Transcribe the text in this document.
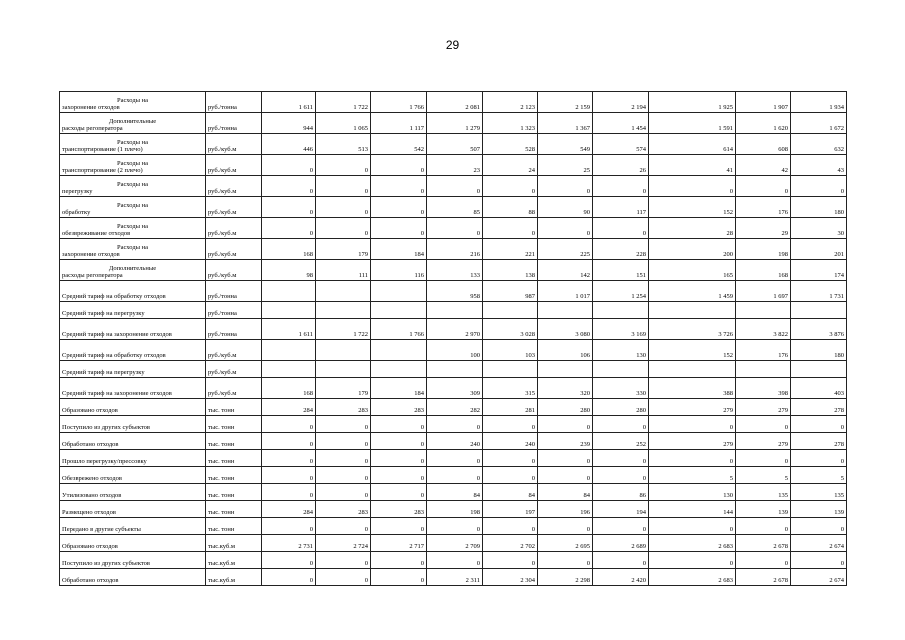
29
Расходы на
захоронение отходов	руб./тонна	1 611	1 722	1 766	2 081	2 123	2 159	2 194	1 925	1 907	1 934

Дополнительные
расходы регоператора	руб./тонна	944	1 065	1 117	1 279	1 323	1 367	1 454	1 591	1 620	1 672

Расходы на
транспортирование (1 плечо)	руб./куб.м	446	513	542	507	528	549	574	614	608	632

Расходы на
транспортирование (2 плечо)	руб./куб.м	0	0	0	23	24	25	26	41	42	43

Расходы на
перегрузку	руб./куб.м	0	0	0	0	0	0	0	0	0	0

Расходы на
обработку	руб./куб.м	0	0	0	85	88	90	117	152	176	180

Расходы на
обезвреживание отходов	руб./куб.м	0	0	0	0	0	0	0	28	29	30

Расходы на
захоронение отходов	руб./куб.м	168	179	184	216	221	225	228	200	198	201

Дополнительные
расходы регоператора	руб./куб.м	98	111	116	133	138	142	151	165	168	174

Средний тариф на обработку отходов	руб./тонна				958	987	1 017	1 254	1 459	1 697	1 731

Средний тариф на перегрузку	руб./тонна										

Средний тариф на захоронение отходов	руб./тонна	1 611	1 722	1 766	2 970	3 028	3 080	3 169	3 726	3 822	3 876

Средний тариф на обработку отходов	руб./куб.м				100	103	106	130	152	176	180

Средний тариф на перегрузку	руб./куб.м										

Средний тариф на захоронение отходов	руб./куб.м	168	179	184	309	315	320	330	388	398	403

Образовано отходов	тыс. тонн	284	283	283	282	281	280	280	279	279	278

Поступило из других субъектов	тыс. тонн	0	0	0	0	0	0	0	0	0	0

Обработано отходов	тыс. тонн	0	0	0	240	240	239	252	279	279	278

Прошло перегрузку/прессовку	тыс. тонн	0	0	0	0	0	0	0	0	0	0

Обезврежено отходов	тыс. тонн	0	0	0	0	0	0	0	5	5	5

Утилизовано отходов	тыс. тонн	0	0	0	84	84	84	86	130	135	135

Размещено отходов	тыс. тонн	284	283	283	198	197	196	194	144	139	139

Передано в другие субъекты	тыс. тонн	0	0	0	0	0	0	0	0	0	0

Образовано отходов	тыс.куб.м	2 731	2 724	2 717	2 709	2 702	2 695	2 689	2 683	2 678	2 674

Поступило из других субъектов	тыс.куб.м	0	0	0	0	0	0	0	0	0	0

Обработано отходов	тыс.куб.м	0	0	0	2 311	2 304	2 298	2 420	2 683	2 678	2 674
